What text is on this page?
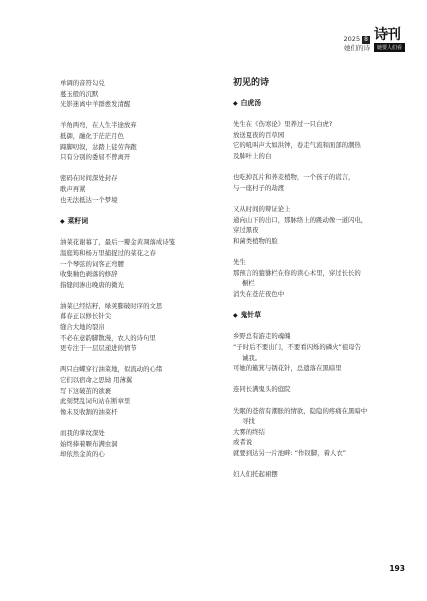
2025 8
她们的诗
诗刊
她要人们看
单调的音符勾兑
蔓玉般的沉默
光影迷离中羊群愈发清醒
羊角两弯，在人生半途放弃
抵御，融化于茫茫月色
蹄脚叨叙，忿踏上徒劳奔跑
只有分别的委屈不曾离开
密码在时间深处封存
歌声再紧
也无法抵达一个梦境
◆ 菜籽词
油菜花谢幕了，最后一瓣金黄凋落成诗笺
温庭筠和杨万里捕捉过的菜花之春
一个琴弦的词客正弯腰
收集釉色剥落的修辞
指缝间渗出晚唐的微光
油菜已经结籽，绿荚膨破时序的文思
暮春正以修长针尖
缝合大地的裂帛
不必在意韵脚散漫，农人的诗句里
更专注于一层层递进的情节
两只白蝶穿行油菜地，似流动的心绪
它们以宿命之思恸 用薄翼
写下这破茧的欲裹
此刻焚乱词句站在断章里
像未及收割的油菜杆
而我的掌纹深处
始终捧着颗布满虫洞
却依然金黄的心
初见的诗
◆ 白虎汤
先生在《伤寒论》里养过一只白虎?
放送夏夜的百草园
它的吼叫声大如洪钟，卷走气流和面部的潮热
及肺叶上的白
也吃掉瓦片和荞麦植物，一个孩子的谎言，
与一座村子的劫渡
又从时间的辩证论上
通向山下的出口，那脉络上的跳动像一道闪电，
穿过黑夜
和菌类植物的脸
先生
那预言的貔貅栏在你的读心术里，穿过长长的
橱栏
消失在苍茫夜色中
◆ 鬼针草
乡野总有游走的魂魄
“子时后不要出门，不要看闪烁的磷火”祖母告
诫我。
可她的簸箕与锈花针，总遗落在黑暗里
连同长满鬼头的庭院
失眠的苍蓿有潮胀的情欲，隐隐的疼痛在黑暗中
寻找
大雾的终结
或者说
就要到达另一片池畔: “作钗脚，着人衣”
妇人们托起裙摆
193
